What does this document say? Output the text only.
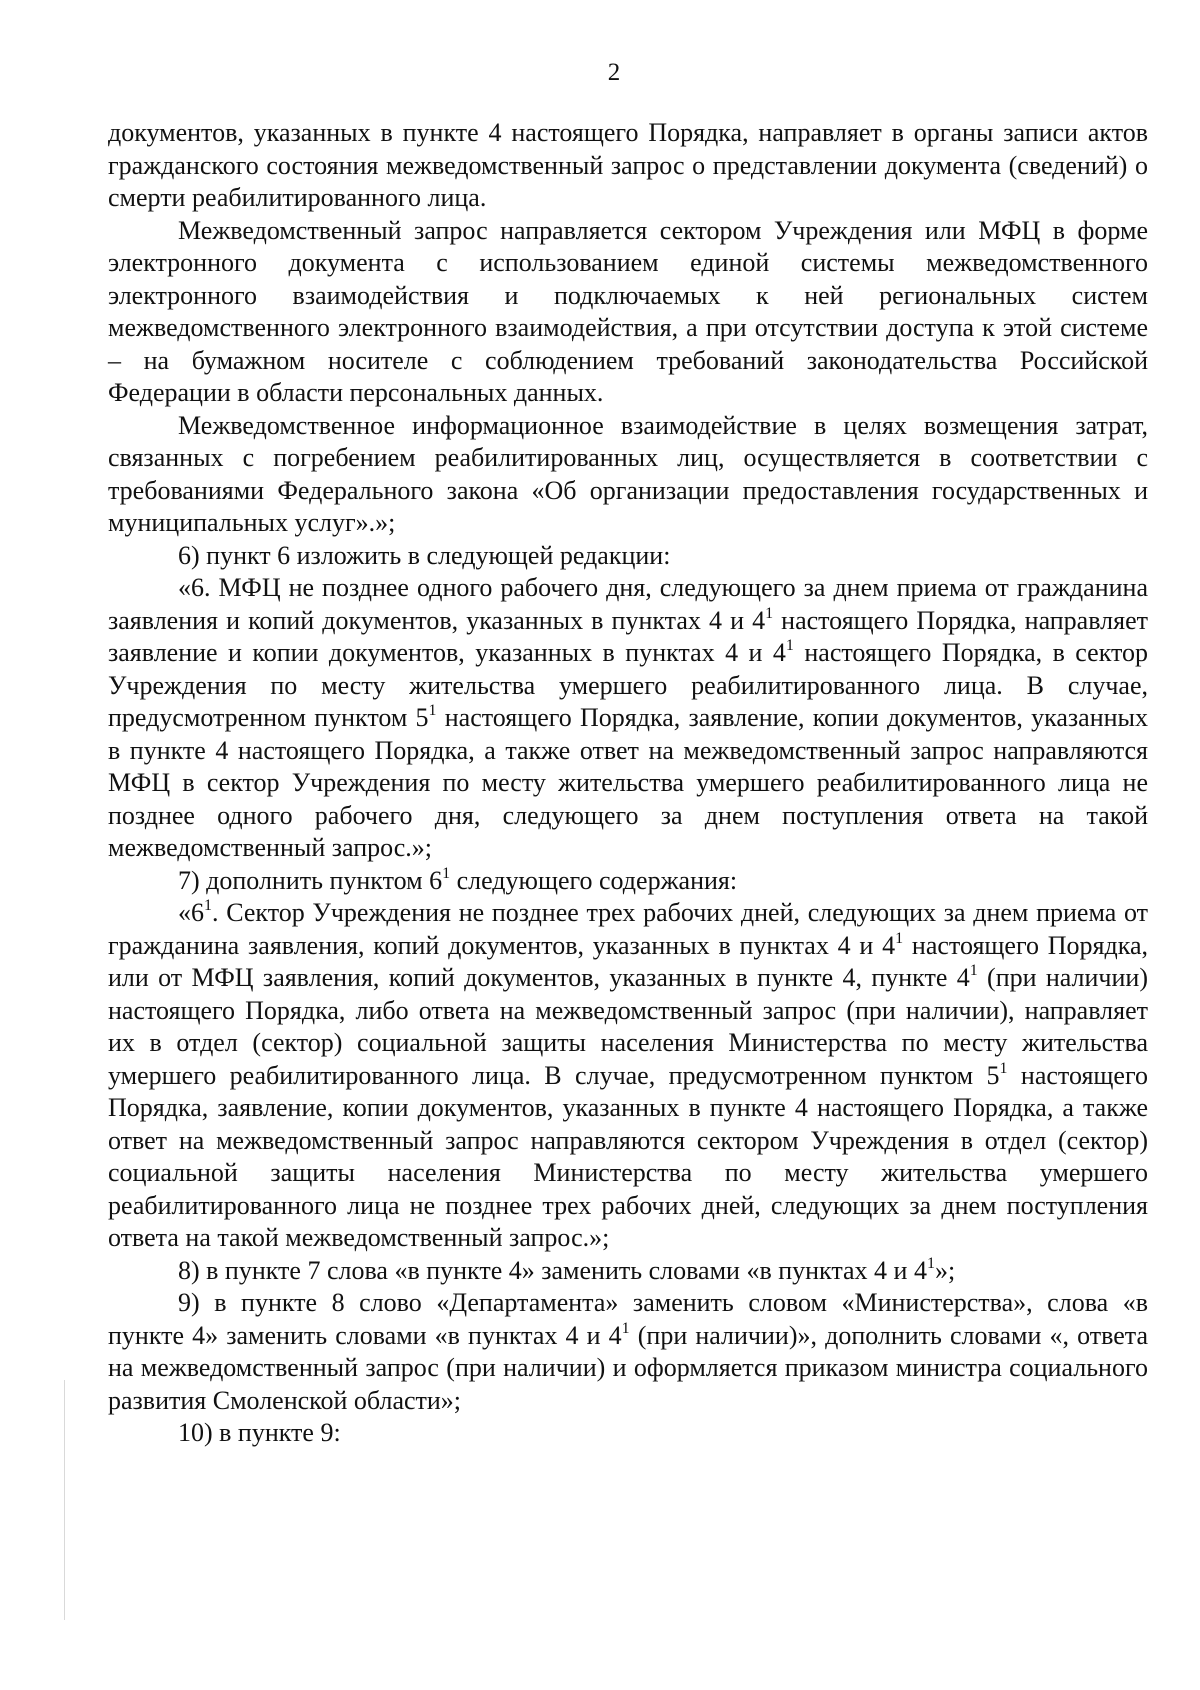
2

документов, указанных в пункте 4 настоящего Порядка, направляет в органы записи актов гражданского состояния межведомственный запрос о представлении документа (сведений) о смерти реабилитированного лица.

Межведомственный запрос направляется сектором Учреждения или МФЦ в форме электронного документа с использованием единой системы межведомственного электронного взаимодействия и подключаемых к ней региональных систем межведомственного электронного взаимодействия, а при отсутствии доступа к этой системе – на бумажном носителе с соблюдением требований законодательства Российской Федерации в области персональных данных.

Межведомственное информационное взаимодействие в целях возмещения затрат, связанных с погребением реабилитированных лиц, осуществляется в соответствии с требованиями Федерального закона «Об организации предоставления государственных и муниципальных услуг».»;

6) пункт 6 изложить в следующей редакции:

«6. МФЦ не позднее одного рабочего дня, следующего за днем приема от гражданина заявления и копий документов, указанных в пунктах 4 и $4^1$ настоящего Порядка, направляет заявление и копии документов, указанных в пунктах 4 и $4^1$ настоящего Порядка, в сектор Учреждения по месту жительства умершего реабилитированного лица. В случае, предусмотренном пунктом $5^1$ настоящего Порядка, заявление, копии документов, указанных в пункте 4 настоящего Порядка, а также ответ на межведомственный запрос направляются МФЦ в сектор Учреждения по месту жительства умершего реабилитированного лица не позднее одного рабочего дня, следующего за днем поступления ответа на такой межведомственный запрос.»;

7) дополнить пунктом $6^1$ следующего содержания:

«$6^1$. Сектор Учреждения не позднее трех рабочих дней, следующих за днем приема от гражданина заявления, копий документов, указанных в пунктах 4 и $4^1$ настоящего Порядка, или от МФЦ заявления, копий документов, указанных в пункте 4, пункте $4^1$ (при наличии) настоящего Порядка, либо ответа на межведомственный запрос (при наличии), направляет их в отдел (сектор) социальной защиты населения Министерства по месту жительства умершего реабилитированного лица. В случае, предусмотренном пунктом $5^1$ настоящего Порядка, заявление, копии документов, указанных в пункте 4 настоящего Порядка, а также ответ на межведомственный запрос направляются сектором Учреждения в отдел (сектор) социальной защиты населения Министерства по месту жительства умершего реабилитированного лица не позднее трех рабочих дней, следующих за днем поступления ответа на такой межведомственный запрос.»;

8) в пункте 7 слова «в пункте 4» заменить словами «в пунктах 4 и $4^1$»;

9) в пункте 8 слово «Департамента» заменить словом «Министерства», слова «в пункте 4» заменить словами «в пунктах 4 и $4^1$ (при наличии)», дополнить словами «, ответа на межведомственный запрос (при наличии) и оформляется приказом министра социального развития Смоленской области»;

10) в пункте 9:
